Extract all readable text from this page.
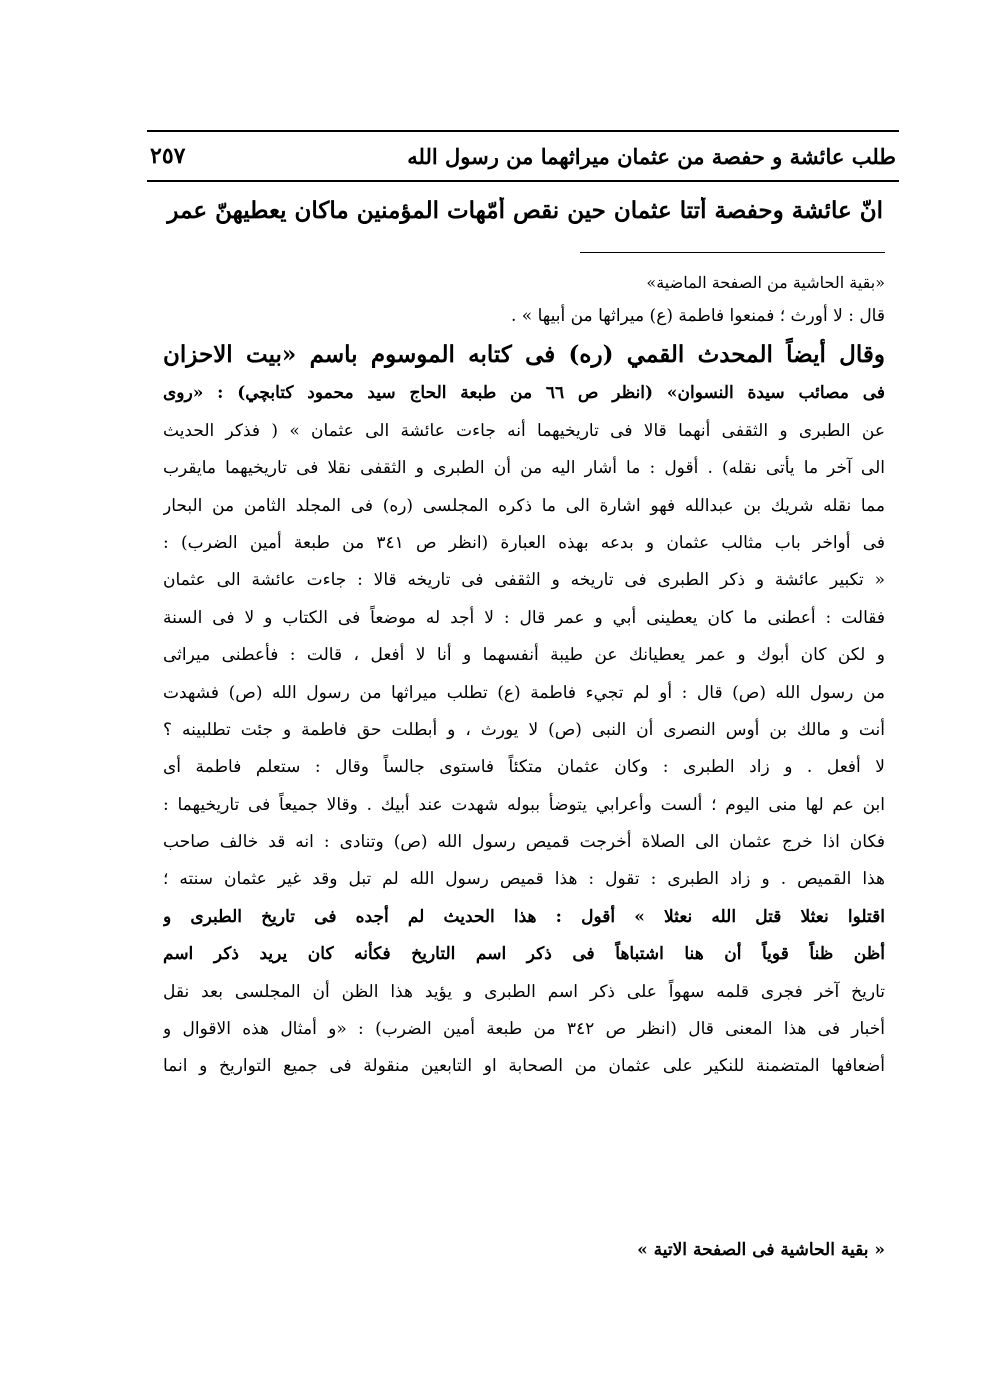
طلب عائشة و حفصة من عثمان ميراثهما من رسول الله
٢٥٧
انّ عائشة وحفصة أتتا عثمان حين نقص أمّهات المؤمنين ماكان يعطيهنّ عمر
«بقية الحاشية من الصفحة الماضية»
قال : لا أورث ؛ فمنعوا فاطمة (ع) ميراثها من أبيها » .
وقال أيضاً المحدث القمي (ره) فى كتابه الموسوم باسم «بيت الاحزان
فى مصائب سيدة النسوان» (انظر ص ٦٦ من طبعة الحاج سيد محمود كتابچي) : «روى
عن الطبرى و الثقفى أنهما قالا فى تاريخيهما أنه جاءت عائشة الى عثمان » ( فذكر الحديث
الى آخر ما يأتى نقله) . أقول : ما أشار اليه من أن الطبرى و الثقفى نقلا فى تاريخيهما مايقرب
مما نقله شريك بن عبدالله فهو اشارة الى ما ذكره المجلسى (ره) فى المجلد الثامن من البحار
فى أواخر باب مثالب عثمان و بدعه بهذه العبارة (انظر ص ٣٤١ من طبعة أمين الضرب) :
« تكبير عائشة و ذكر الطبرى فى تاريخه و الثقفى فى تاريخه قالا : جاءت عائشة الى عثمان
فقالت : أعطنى ما كان يعطينى أبي و عمر قال : لا أجد له موضعاً فى الكتاب و لا فى السنة
و لكن كان أبوك و عمر يعطيانك عن طيبة أنفسهما و أنا لا أفعل ، قالت : فأعطنى ميراثى
من رسول الله (ص) قال : أو لم تجيء فاطمة (ع) تطلب ميراثها من رسول الله (ص) فشهدت
أنت و مالك بن أوس النصرى أن النبى (ص) لا يورث ، و أبطلت حق فاطمة و جئت تطلبينه ؟
لا أفعل . و زاد الطبرى : وكان عثمان متكئاً فاستوى جالساً وقال : ستعلم فاطمة أى
ابن عم لها منى اليوم ؛ ألست وأعرابي يتوضأ ببوله شهدت عند أبيك . وقالا جميعاً فى تاريخيهما :
فكان اذا خرج عثمان الى الصلاة أخرجت قميص رسول الله (ص) وتنادى : انه قد خالف صاحب
هذا القميص . و زاد الطبرى : تقول : هذا قميص رسول الله لم تبل وقد غير عثمان سنته ؛
اقتلوا نعثلا قتل الله نعثلا » أقول : هذا الحديث لم أجده فى تاريخ الطبرى و
أظن ظناً قوياً أن هنا اشتباهاً فى ذكر اسم التاريخ فكأنه كان يريد ذكر اسم
تاريخ آخر فجرى قلمه سهواً على ذكر اسم الطبرى و يؤيد هذا الظن أن المجلسى بعد نقل
أخبار فى هذا المعنى قال (انظر ص ٣٤٢ من طبعة أمين الضرب) : «و أمثال هذه الاقوال و
أضعافها المتضمنة للنكير على عثمان من الصحابة او التابعين منقولة فى جميع التواريخ و انما
« بقية الحاشية فى الصفحة الاتية »
